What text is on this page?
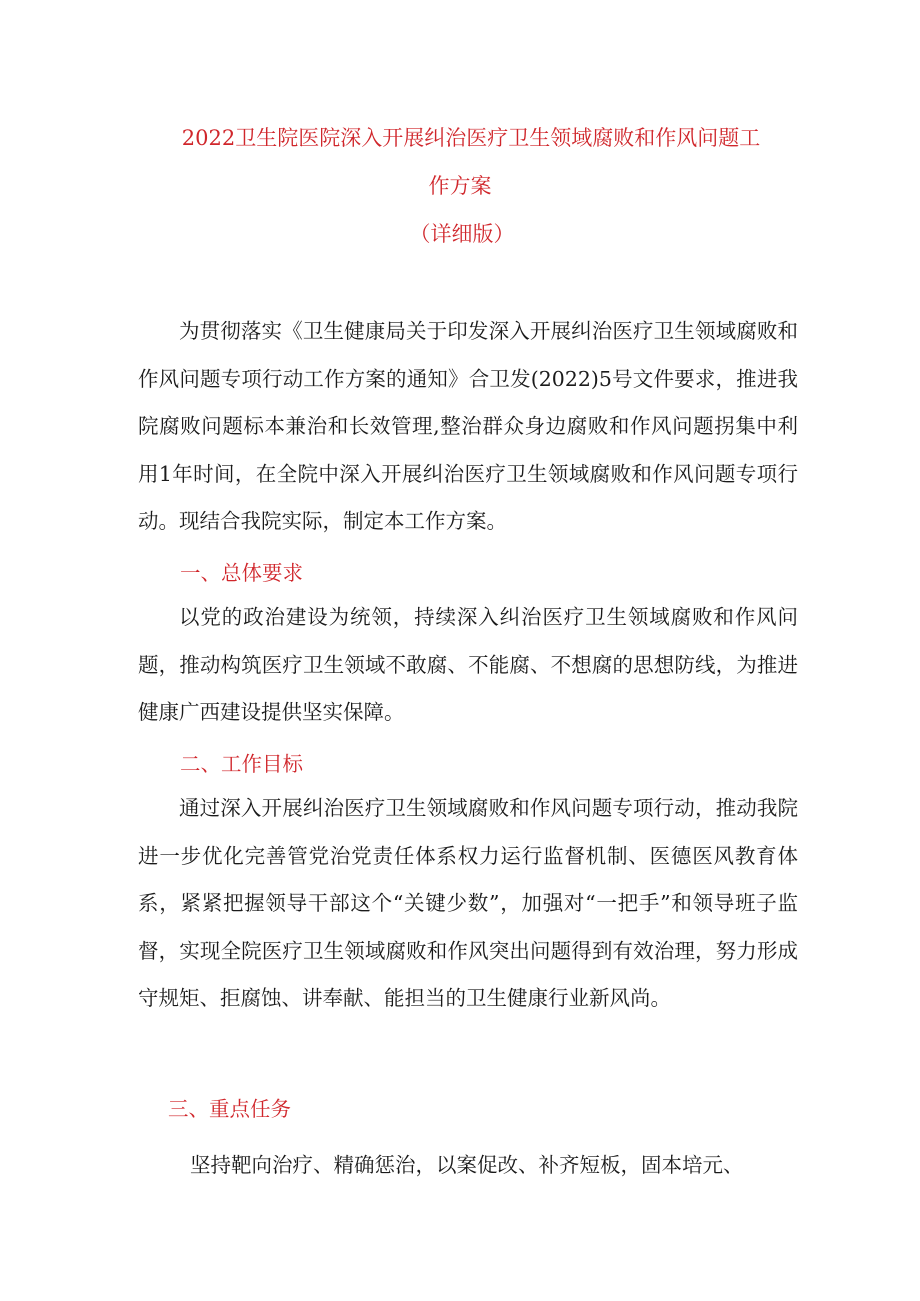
2022卫生院医院深入开展纠治医疗卫生领域腐败和作风问题工
作方案
（详细版）

为贯彻落实《卫生健康局关于印发深入开展纠治医疗卫生领域腐败和作风问题专项行动工作方案的通知》合卫发(2022)5号文件要求，推进我院腐败问题标本兼治和长效管理,整治群众身边腐败和作风问题拐集中利用1年时间，在全院中深入开展纠治医疗卫生领域腐败和作风问题专项行动。现结合我院实际，制定本工作方案。

一、总体要求

以党的政治建设为统领，持续深入纠治医疗卫生领域腐败和作风问题，推动构筑医疗卫生领域不敢腐、不能腐、不想腐的思想防线，为推进健康广西建设提供坚实保障。

二、工作目标

通过深入开展纠治医疗卫生领域腐败和作风问题专项行动，推动我院进一步优化完善管党治党责任体系权力运行监督机制、医德医风教育体系，紧紧把握领导干部这个“关键少数”，加强对“一把手”和领导班子监督，实现全院医疗卫生领域腐败和作风突出问题得到有效治理，努力形成守规矩、拒腐蚀、讲奉献、能担当的卫生健康行业新风尚。

三、重点任务

坚持靶向治疗、精确惩治，以案促改、补齐短板，固本培元、
